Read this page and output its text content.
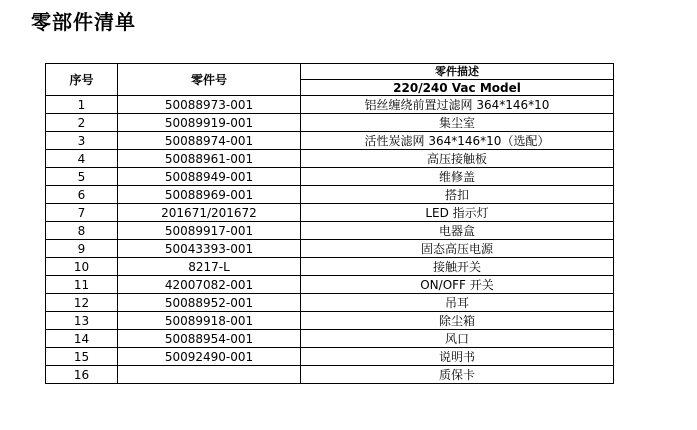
零部件清单
序号	零件号	零件描述
		220/240 Vac Model
1	50088973-001	铝丝缠绕前置过滤网 364*146*10
2	50089919-001	集尘室
3	50088974-001	活性炭滤网 364*146*10（选配）
4	50088961-001	高压接触板
5	50088949-001	维修盖
6	50088969-001	搭扣
7	201671/201672	LED 指示灯
8	50089917-001	电器盒
9	50043393-001	固态高压电源
10	8217-L	接触开关
11	42007082-001	ON/OFF 开关
12	50088952-001	吊耳
13	50089918-001	除尘箱
14	50088954-001	风口
15	50092490-001	说明书
16		质保卡
